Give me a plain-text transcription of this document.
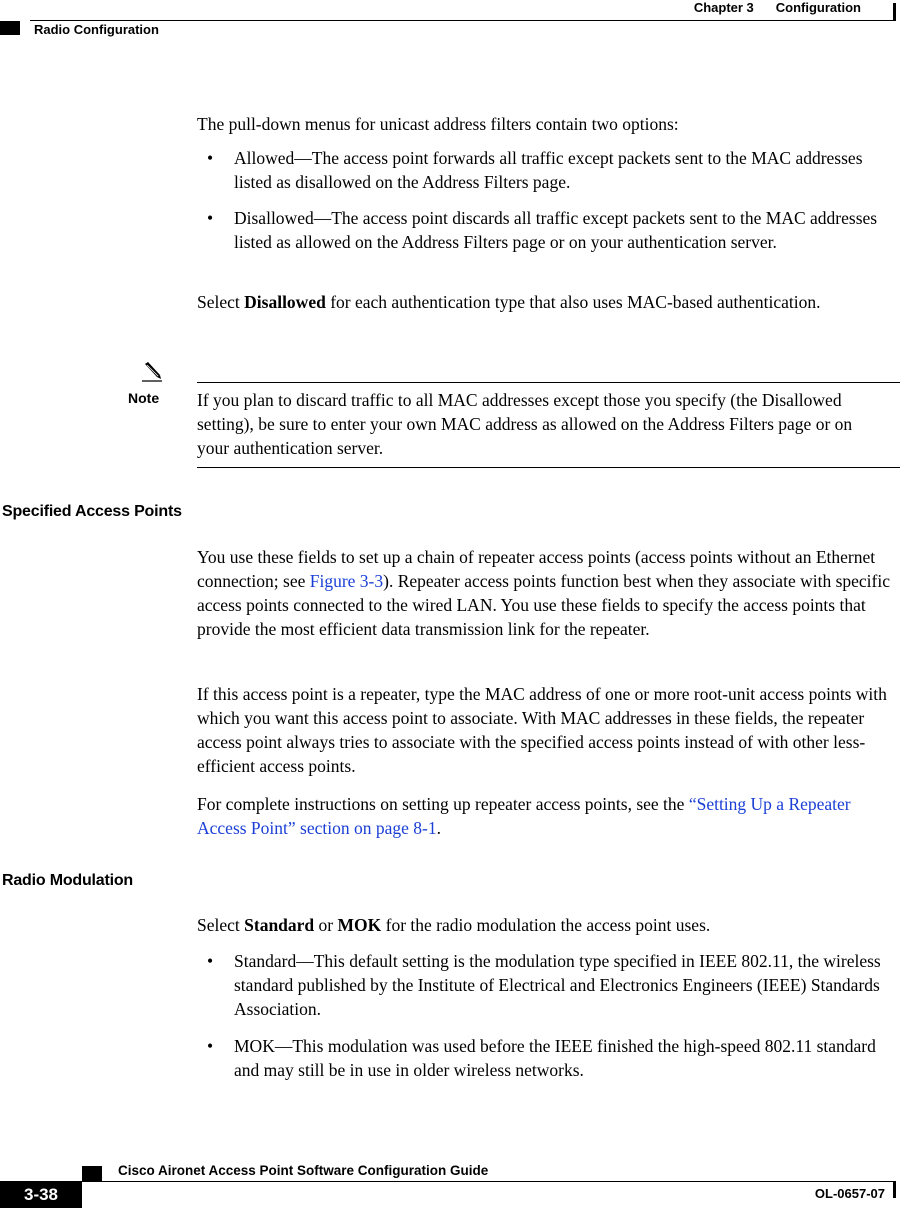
Chapter 3 Configuration
Radio Configuration
The pull-down menus for unicast address filters contain two options:
• Allowed—The access point forwards all traffic except packets sent to the MAC addresses listed as disallowed on the Address Filters page.
• Disallowed—The access point discards all traffic except packets sent to the MAC addresses listed as allowed on the Address Filters page or on your authentication server.
Select Disallowed for each authentication type that also uses MAC-based authentication.
Note If you plan to discard traffic to all MAC addresses except those you specify (the Disallowed setting), be sure to enter your own MAC address as allowed on the Address Filters page or on your authentication server.
Specified Access Points
You use these fields to set up a chain of repeater access points (access points without an Ethernet connection; see Figure 3-3). Repeater access points function best when they associate with specific access points connected to the wired LAN. You use these fields to specify the access points that provide the most efficient data transmission link for the repeater.
If this access point is a repeater, type the MAC address of one or more root-unit access points with which you want this access point to associate. With MAC addresses in these fields, the repeater access point always tries to associate with the specified access points instead of with other less-efficient access points.
For complete instructions on setting up repeater access points, see the “Setting Up a Repeater Access Point” section on page 8-1.
Radio Modulation
Select Standard or MOK for the radio modulation the access point uses.
• Standard—This default setting is the modulation type specified in IEEE 802.11, the wireless standard published by the Institute of Electrical and Electronics Engineers (IEEE) Standards Association.
• MOK—This modulation was used before the IEEE finished the high-speed 802.11 standard and may still be in use in older wireless networks.
Cisco Aironet Access Point Software Configuration Guide
3-38	OL-0657-07
